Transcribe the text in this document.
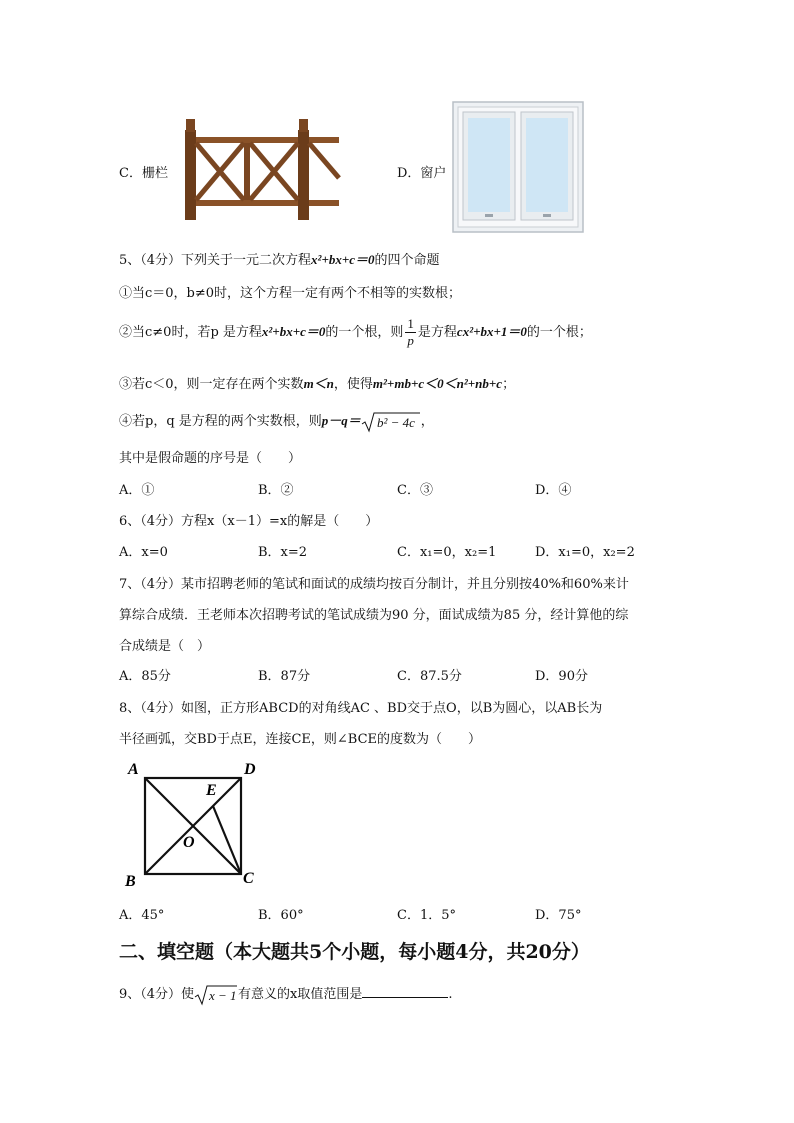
C．栅栏	D．窗户
5、（4分）下列关于一元二次方程x²+bx+c＝0的四个命题
①当c＝0，b≠0时，这个方程一定有两个不相等的实数根；
②当c≠0时，若p 是方程x²+bx+c＝0的一个根，则 $\frac{1}{p}$ 是方程cx²+bx+1＝0的一个根；
③若c＜0，则一定存在两个实数m＜n，使得m²+mb+c＜0＜n²+nb+c；
④若p，q 是方程的两个实数根，则p－q＝ b² − 4c ，
其中是假命题的序号是（　　）
A．①	B．②	C．③	D．④
6、（4分）方程x（x－1）=x的解是（　　）
A．x=0	B．x=2	C．x₁=0，x₂=1	D．x₁=0，x₂=2
7、（4分）某市招聘老师的笔试和面试的成绩均按百分制计，并且分别按40%和60%来计
算综合成绩．王老师本次招聘考试的笔试成绩为90 分，面试成绩为85 分，经计算他的综
合成绩是（　）
A．85分	B．87分	C．87.5分	D．90分
8、（4分）如图，正方形ABCD的对角线AC 、BD交于点O，以B为圆心，以AB长为
半径画弧，交BD于点E，连接CE，则∠BCE的度数为（　　）
A	D
B	C
E
O
A．45°	B．60°	C．1．5°	D．75°
二、填空题（本大题共5个小题，每小题4分，共20分）
9、（4分）使 x − 1 有意义的x取值范围是	.
